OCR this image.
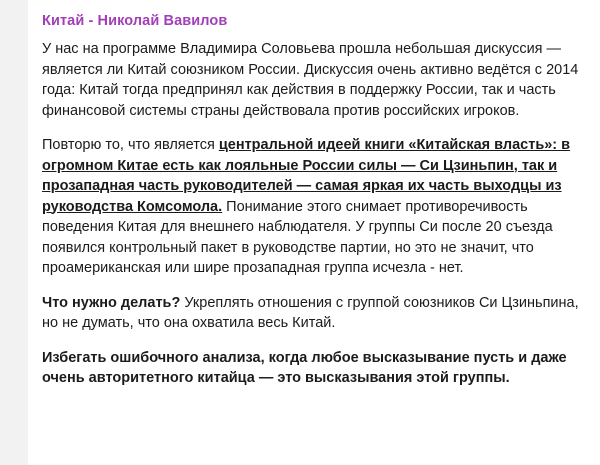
Китай - Николай Вавилов
У нас на программе Владимира Соловьева прошла небольшая дискуссия — является ли Китай союзником России. Дискуссия очень активно ведётся с 2014 года: Китай тогда предпринял как действия в поддержку России, так и часть финансовой системы страны действовала против российских игроков.
Повторю то, что является центральной идеей книги «Китайская власть»: в огромном Китае есть как лояльные России силы — Си Цзиньпин, так и прозападная часть руководителей — самая яркая их часть выходцы из руководства Комсомола. Понимание этого снимает противоречивость поведения Китая для внешнего наблюдателя. У группы Си после 20 съезда появился контрольный пакет в руководстве партии, но это не значит, что проамериканская или шире прозападная группа исчезла - нет.
Что нужно делать? Укреплять отношения с группой союзников Си Цзиньпина, но не думать, что она охватила весь Китай.
Избегать ошибочного анализа, когда любое высказывание пусть и даже очень авторитетного китайца — это высказывания этой группы.
